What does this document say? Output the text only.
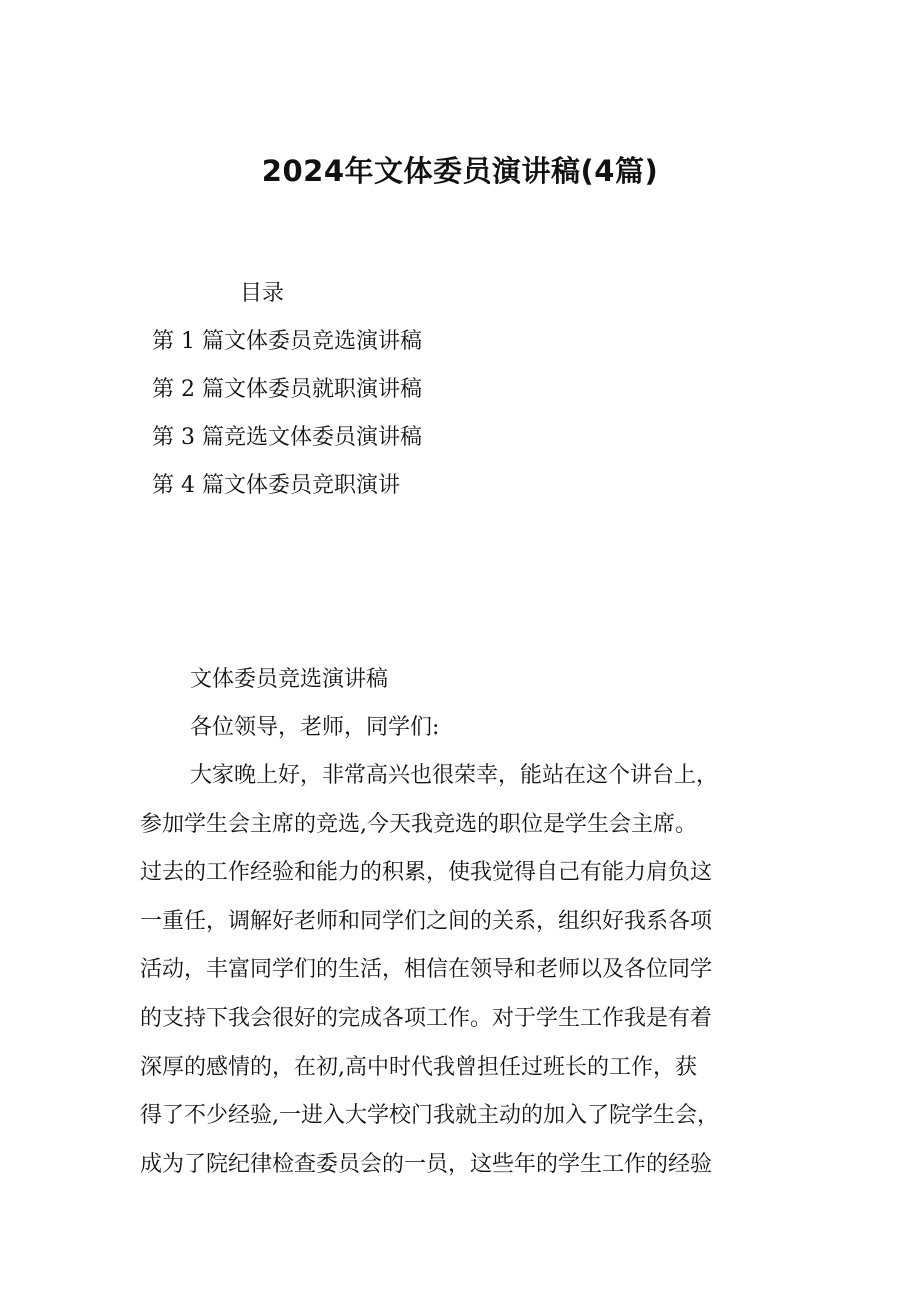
2024年文体委员演讲稿(4篇)
目录
第 1 篇文体委员竞选演讲稿
第 2 篇文体委员就职演讲稿
第 3 篇竞选文体委员演讲稿
第 4 篇文体委员竞职演讲
文体委员竞选演讲稿
各位领导，老师，同学们:
大家晚上好，非常高兴也很荣幸，能站在这个讲台上，
参加学生会主席的竞选,今天我竞选的职位是学生会主席。
过去的工作经验和能力的积累，使我觉得自己有能力肩负这
一重任，调解好老师和同学们之间的关系，组织好我系各项
活动，丰富同学们的生活，相信在领导和老师以及各位同学
的支持下我会很好的完成各项工作。对于学生工作我是有着
深厚的感情的，在初,高中时代我曾担任过班长的工作，获
得了不少经验,一进入大学校门我就主动的加入了院学生会，
成为了院纪律检查委员会的一员，这些年的学生工作的经验
